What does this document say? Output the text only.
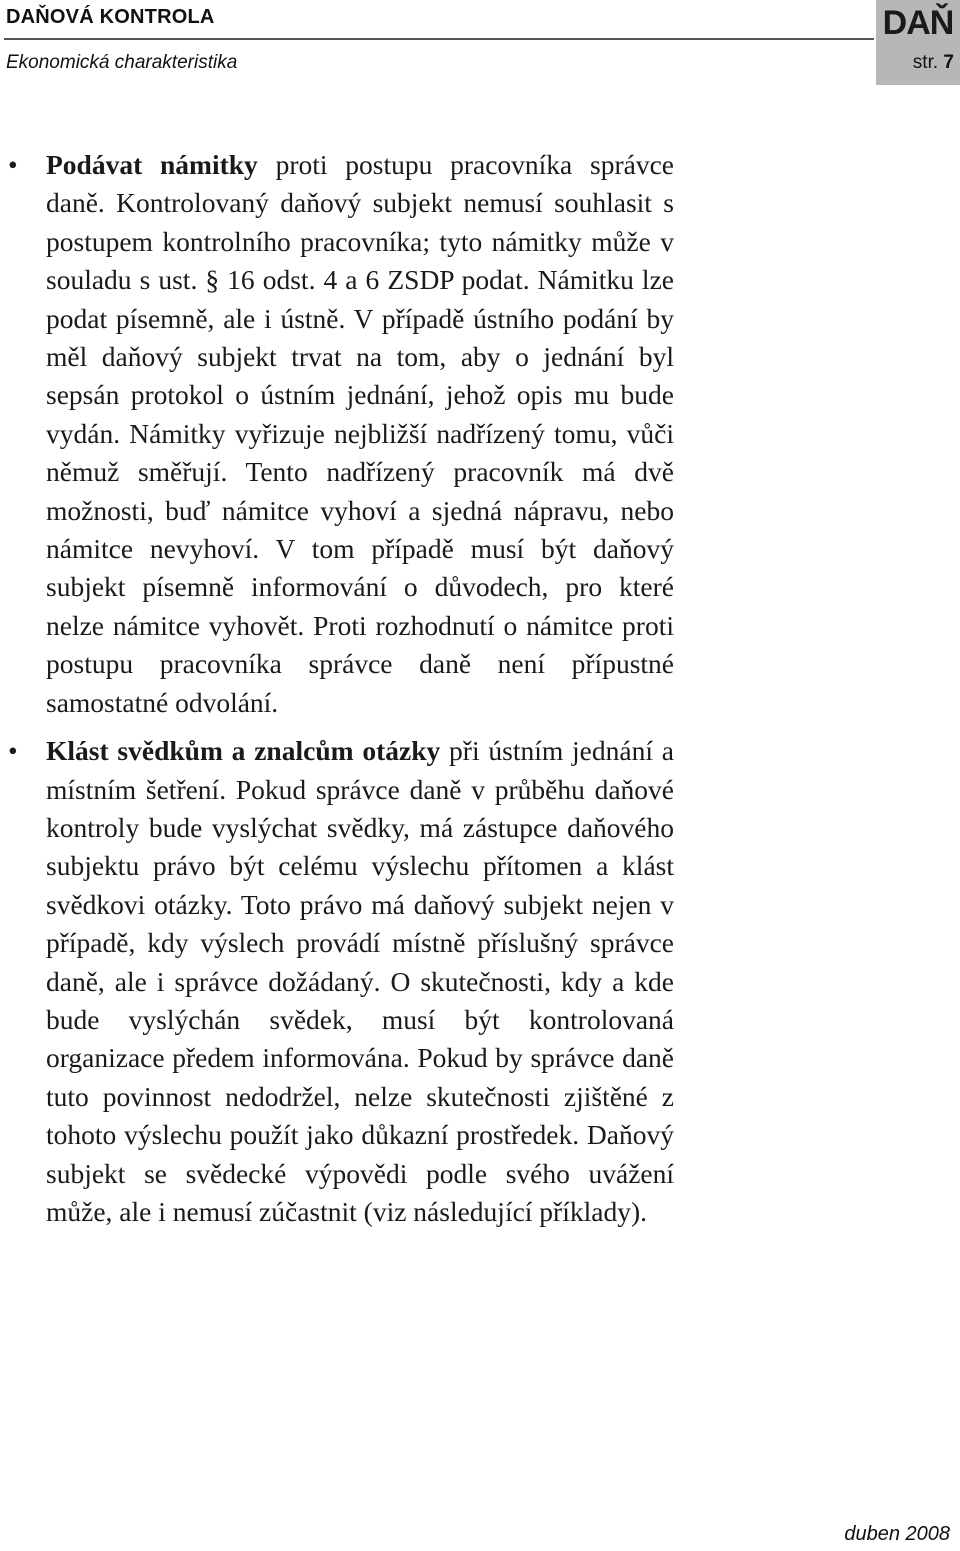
DAŇOVÁ KONTROLA
Ekonomická charakteristika
DAŇ
str. 7
• Podávat námitky proti postupu pracovníka správce daně. Kontrolovaný daňový subjekt nemusí souhlasit s postupem kontrolního pracovníka; tyto námitky může v souladu s ust. § 16 odst. 4 a 6 ZSDP podat. Námitku lze podat písemně, ale i ústně. V případě ústního podání by měl daňový subjekt trvat na tom, aby o jednání byl sepsán protokol o ústním jednání, jehož opis mu bude vydán. Námitky vyřizuje nejbližší nadřízený tomu, vůči němuž směřují. Tento nadřízený pracovník má dvě možnosti, buď námitce vyhoví a sjedná nápravu, nebo námitce nevyhoví. V tom případě musí být daňový subjekt písemně informování o důvodech, pro které nelze námitce vyhovět. Proti rozhodnutí o námitce proti postupu pracovníka správce daně není přípustné samostatné odvolání.
• Klást svědkům a znalcům otázky při ústním jednání a místním šetření. Pokud správce daně v průběhu daňové kontroly bude vyslýchat svědky, má zástupce daňového subjektu právo být celému výslechu přítomen a klást svědkovi otázky. Toto právo má daňový subjekt nejen v případě, kdy výslech provádí místně příslušný správce daně, ale i správce dožádaný. O skutečnosti, kdy a kde bude vyslýchán svědek, musí být kontrolovaná organizace předem informována. Pokud by správce daně tuto povinnost nedodržel, nelze skutečnosti zjištěné z tohoto výslechu použít jako důkazní prostředek. Daňový subjekt se svědecké výpovědi podle svého uvážení může, ale i nemusí zúčastnit (viz následující příklady).
duben 2008
